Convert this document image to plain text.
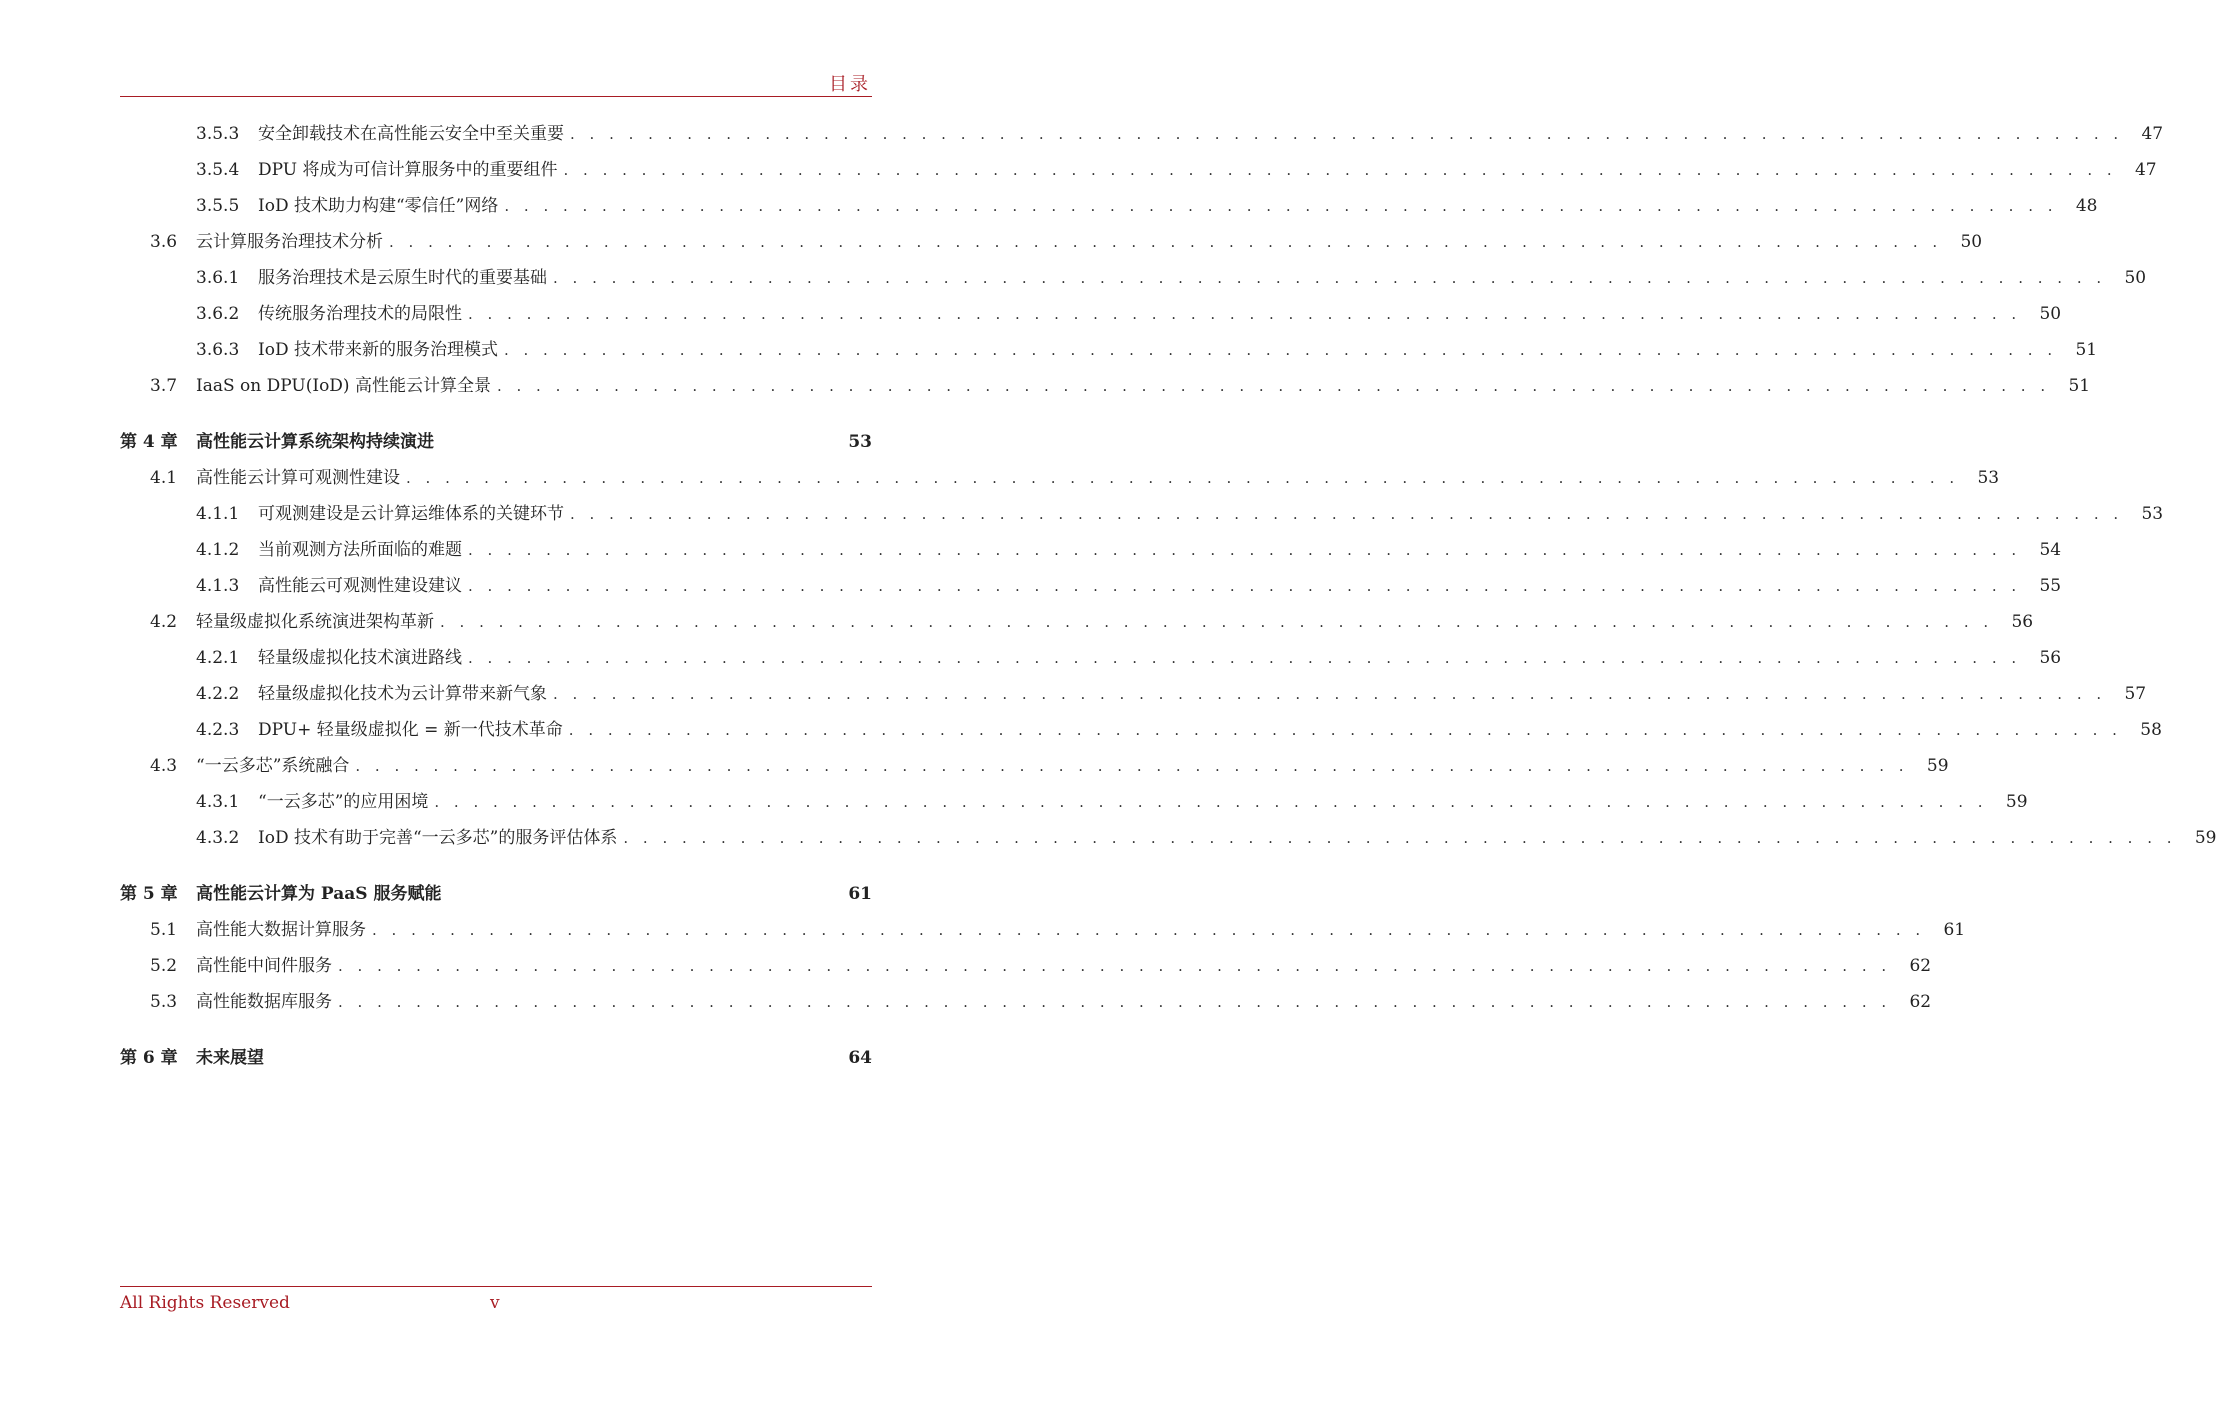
目录
3.5.3 安全卸载技术在高性能云安全中至关重要 . . . . . . . . . . . . . . . . . . . . . . . . . . . . . . . . . . . . . . . . . . . . . . . . . . . . . . . . . . . . . . . . . . . . . . . . . . . . . . . .	47
3.5.4 DPU 将成为可信计算服务中的重要组件 . . . . . . . . . . . . . . . . . . . . . . . . . . . . . . . . . . . . . . . . . . . . . . . . . . . . . . . . . . . . . . . . . . . . . . . . . . . . . . . .	47
3.5.5 IoD 技术助力构建“零信任”网络 . . . . . . . . . . . . . . . . . . . . . . . . . . . . . . . . . . . . . . . . . . . . . . . . . . . . . . . . . . . . . . . . . . . . . . . . . . . . . . . .	48
3.6	云计算服务治理技术分析 . . . . . . . . . . . . . . . . . . . . . . . . . . . . . . . . . . . . . . . . . . . . . . . . . . . . . . . . . . . . . . . . . . . . . . . . . . . . . . . .	50
3.6.1 服务治理技术是云原生时代的重要基础 . . . . . . . . . . . . . . . . . . . . . . . . . . . . . . . . . . . . . . . . . . . . . . . . . . . . . . . . . . . . . . . . . . . . . . . . . . . . . . . .	50
3.6.2 传统服务治理技术的局限性 . . . . . . . . . . . . . . . . . . . . . . . . . . . . . . . . . . . . . . . . . . . . . . . . . . . . . . . . . . . . . . . . . . . . . . . . . . . . . . . .	50
3.6.3 IoD 技术带来新的服务治理模式 . . . . . . . . . . . . . . . . . . . . . . . . . . . . . . . . . . . . . . . . . . . . . . . . . . . . . . . . . . . . . . . . . . . . . . . . . . . . . . . .	51
3.7	IaaS on DPU(IoD) 高性能云计算全景 . . . . . . . . . . . . . . . . . . . . . . . . . . . . . . . . . . . . . . . . . . . . . . . . . . . . . . . . . . . . . . . . . . . . . . . . . . . . . . . .	51
第 4 章	高性能云计算系统架构持续演进	53
4.1	高性能云计算可观测性建设 . . . . . . . . . . . . . . . . . . . . . . . . . . . . . . . . . . . . . . . . . . . . . . . . . . . . . . . . . . . . . . . . . . . . . . . . . . . . . . . .	53
4.1.1 可观测建设是云计算运维体系的关键环节 . . . . . . . . . . . . . . . . . . . . . . . . . . . . . . . . . . . . . . . . . . . . . . . . . . . . . . . . . . . . . . . . . . . . . . . . . . . . . . . .	53
4.1.2 当前观测方法所面临的难题 . . . . . . . . . . . . . . . . . . . . . . . . . . . . . . . . . . . . . . . . . . . . . . . . . . . . . . . . . . . . . . . . . . . . . . . . . . . . . . . .	54
4.1.3 高性能云可观测性建设建议 . . . . . . . . . . . . . . . . . . . . . . . . . . . . . . . . . . . . . . . . . . . . . . . . . . . . . . . . . . . . . . . . . . . . . . . . . . . . . . . .	55
4.2	轻量级虚拟化系统演进架构革新 . . . . . . . . . . . . . . . . . . . . . . . . . . . . . . . . . . . . . . . . . . . . . . . . . . . . . . . . . . . . . . . . . . . . . . . . . . . . . . . .	56
4.2.1 轻量级虚拟化技术演进路线 . . . . . . . . . . . . . . . . . . . . . . . . . . . . . . . . . . . . . . . . . . . . . . . . . . . . . . . . . . . . . . . . . . . . . . . . . . . . . . . .	56
4.2.2 轻量级虚拟化技术为云计算带来新气象 . . . . . . . . . . . . . . . . . . . . . . . . . . . . . . . . . . . . . . . . . . . . . . . . . . . . . . . . . . . . . . . . . . . . . . . . . . . . . . . .	57
4.2.3 DPU+ 轻量级虚拟化 = 新一代技术革命 . . . . . . . . . . . . . . . . . . . . . . . . . . . . . . . . . . . . . . . . . . . . . . . . . . . . . . . . . . . . . . . . . . . . . . . . . . . . . . . .	58
4.3	“一云多芯”系统融合 . . . . . . . . . . . . . . . . . . . . . . . . . . . . . . . . . . . . . . . . . . . . . . . . . . . . . . . . . . . . . . . . . . . . . . . . . . . . . . . .	59
4.3.1 “一云多芯”的应用困境 . . . . . . . . . . . . . . . . . . . . . . . . . . . . . . . . . . . . . . . . . . . . . . . . . . . . . . . . . . . . . . . . . . . . . . . . . . . . . . . .	59
4.3.2 IoD 技术有助于完善“一云多芯”的服务评估体系 . . . . . . . . . . . . . . . . . . . . . . . . . . . . . . . . . . . . . . . . . . . . . . . . . . . . . . . . . . . . . . . . . . . . . . . . . . . . . . . .	59
第 5 章	高性能云计算为 PaaS 服务赋能	61
5.1	高性能大数据计算服务 . . . . . . . . . . . . . . . . . . . . . . . . . . . . . . . . . . . . . . . . . . . . . . . . . . . . . . . . . . . . . . . . . . . . . . . . . . . . . . . .	61
5.2	高性能中间件服务 . . . . . . . . . . . . . . . . . . . . . . . . . . . . . . . . . . . . . . . . . . . . . . . . . . . . . . . . . . . . . . . . . . . . . . . . . . . . . . . .	62
5.3	高性能数据库服务 . . . . . . . . . . . . . . . . . . . . . . . . . . . . . . . . . . . . . . . . . . . . . . . . . . . . . . . . . . . . . . . . . . . . . . . . . . . . . . . .	62
第 6 章	未来展望	64
All Rights Reserved	v
